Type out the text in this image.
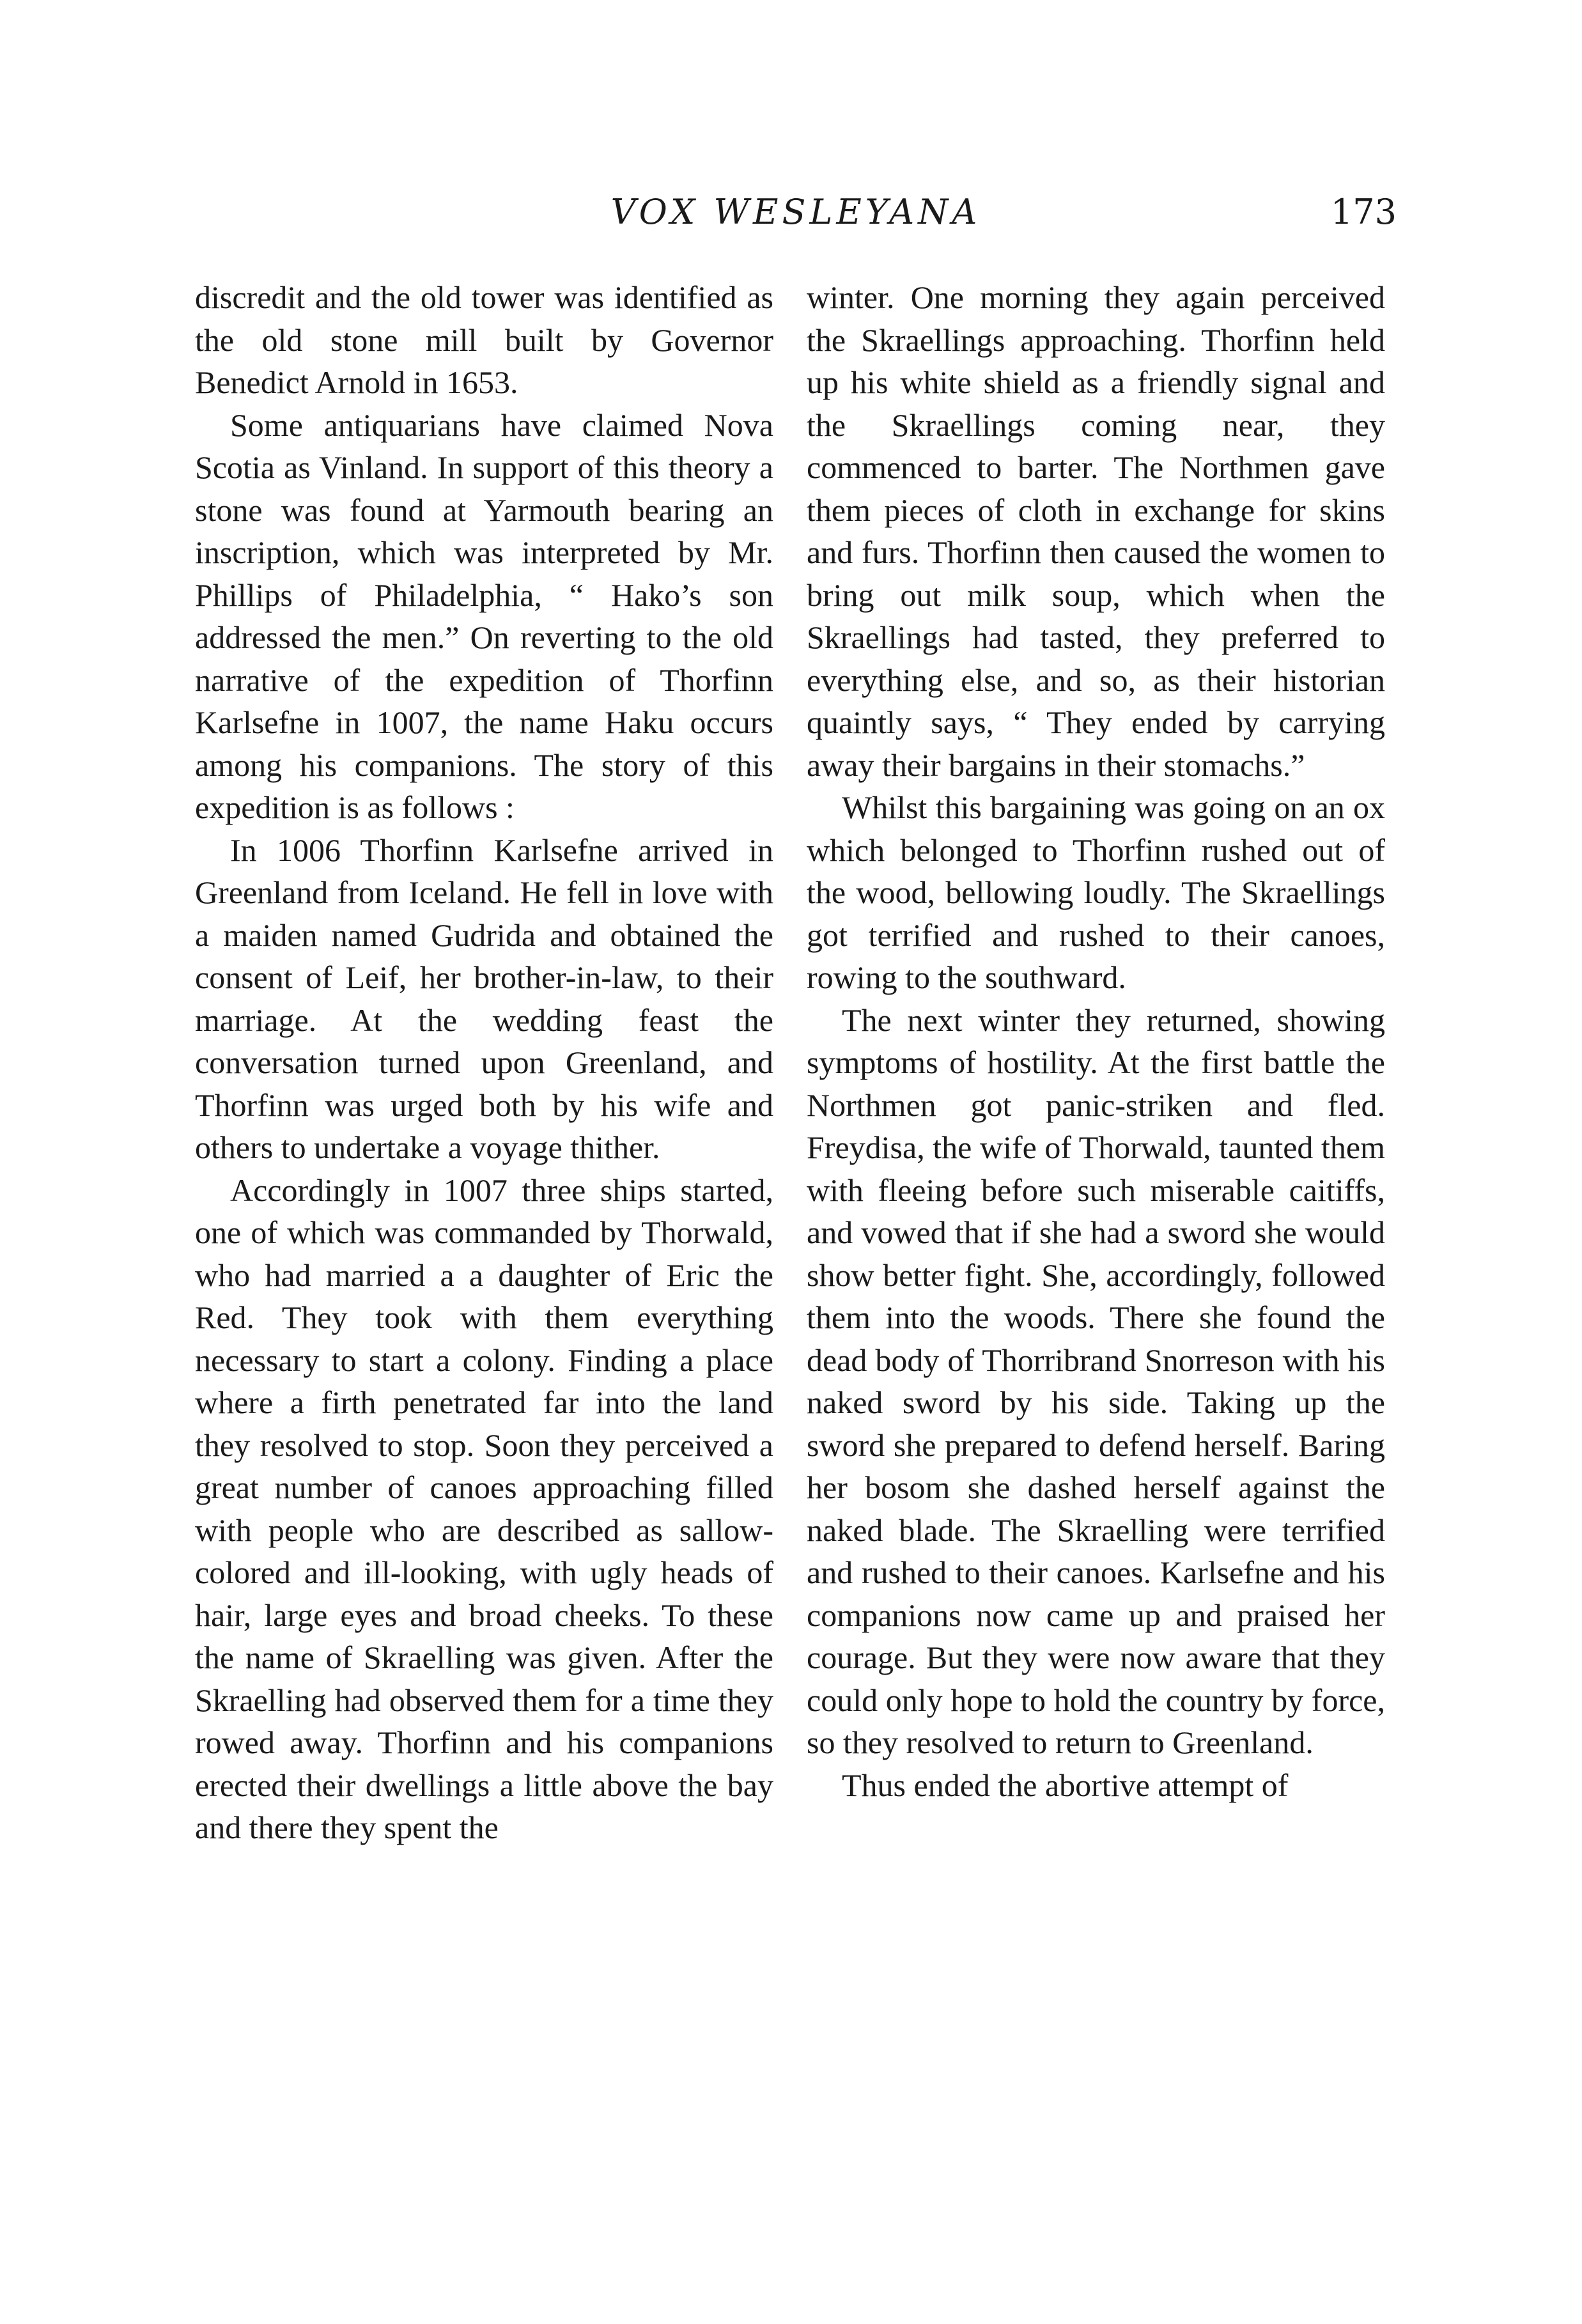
VOX WESLEYANA	173

discredit and the old tower was identified as the old stone mill built by Governor Benedict Arnold in 1653.

Some antiquarians have claimed Nova Scotia as Vinland. In support of this theory a stone was found at Yarmouth bearing an inscription, which was interpreted by Mr. Phillips of Philadelphia, “ Hako’s son addressed the men.” On reverting to the old narrative of the expedition of Thorfinn Karlsefne in 1007, the name Haku occurs among his companions. The story of this expedition is as follows :

In 1006 Thorfinn Karlsefne arrived in Greenland from Iceland. He fell in love with a maiden named Gudrida and obtained the consent of Leif, her brother-in-law, to their marriage. At the wedding feast the conversation turned upon Greenland, and Thorfinn was urged both by his wife and others to undertake a voyage thither.

Accordingly in 1007 three ships started, one of which was commanded by Thorwald, who had married a a daughter of Eric the Red. They took with them everything necessary to start a colony. Finding a place where a firth penetrated far into the land they resolved to stop. Soon they perceived a great number of canoes approaching filled with people who are described as sallow-colored and ill-looking, with ugly heads of hair, large eyes and broad cheeks. To these the name of Skraelling was given. After the Skraelling had observed them for a time they rowed away. Thorfinn and his companions erected their dwellings a little above the bay and there they spent the

winter. One morning they again perceived the Skraellings approaching. Thorfinn held up his white shield as a friendly signal and the Skraellings coming near, they commenced to barter. The Northmen gave them pieces of cloth in exchange for skins and furs. Thorfinn then caused the women to bring out milk soup, which when the Skraellings had tasted, they preferred to everything else, and so, as their historian quaintly says, “ They ended by carrying away their bargains in their stomachs.”

Whilst this bargaining was going on an ox which belonged to Thorfinn rushed out of the wood, bellowing loudly. The Skraellings got terrified and rushed to their canoes, rowing to the southward.

The next winter they returned, showing symptoms of hostility. At the first battle the Northmen got panic-striken and fled. Freydisa, the wife of Thorwald, taunted them with fleeing before such miserable caitiffs, and vowed that if she had a sword she would show better fight. She, accordingly, followed them into the woods. There she found the dead body of Thorribrand Snorreson with his naked sword by his side. Taking up the sword she prepared to defend herself. Baring her bosom she dashed herself against the naked blade. The Skraelling were terrified and rushed to their canoes. Karlsefne and his companions now came up and praised her courage. But they were now aware that they could only hope to hold the country by force, so they resolved to return to Greenland.

Thus ended the abortive attempt of
